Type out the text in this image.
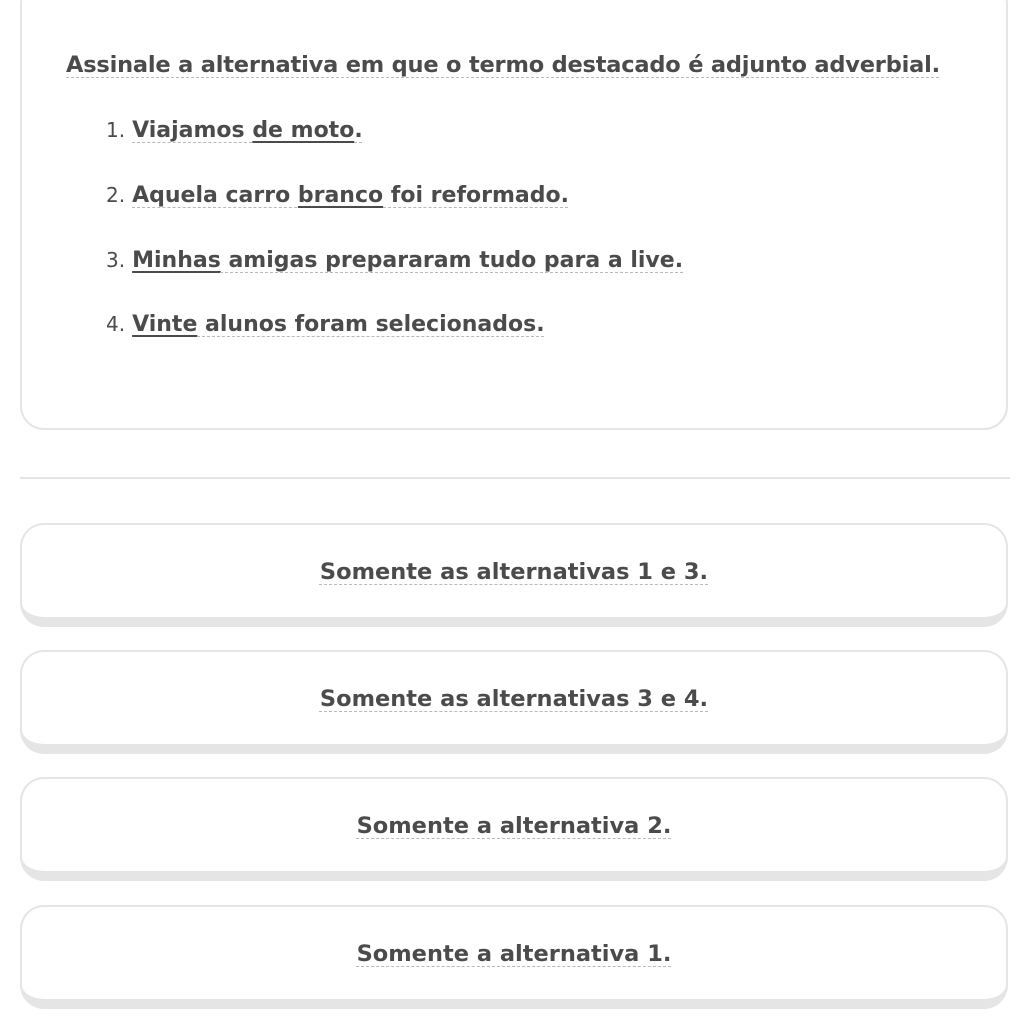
Assinale a alternativa em que o termo destacado é adjunto adverbial.

1. Viajamos de moto.
2. Aquela carro branco foi reformado.
3. Minhas amigas prepararam tudo para a live.
4. Vinte alunos foram selecionados.
Somente as alternativas 1 e 3.
Somente as alternativas 3 e 4.
Somente a alternativa 2.
Somente a alternativa 1.
